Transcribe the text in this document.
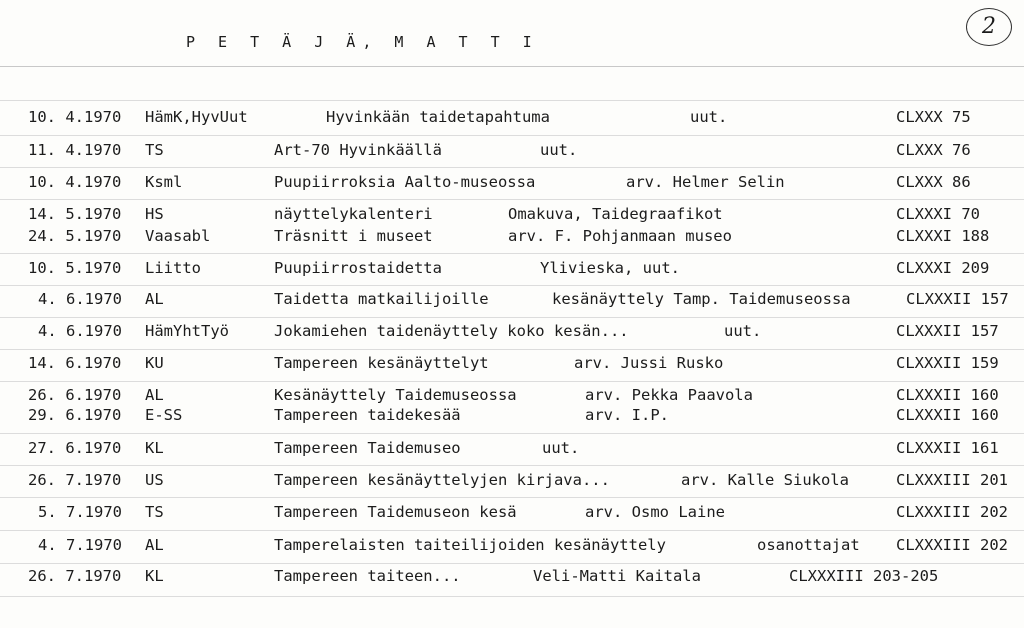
P E T Ä J Ä, M A T T I
2
10. 4.1970 HämK,HyvUut	Hyvinkään taidetapahtuma	uut.	CLXXX 75
11. 4.1970 TS	Art-70 Hyvinkäällä	uut.	CLXXX 76
10. 4.1970 Ksml	Puupiirroksia Aalto-museossa	arv. Helmer Selin	CLXXX 86
14. 5.1970 HS	näyttelykalenteri	Omakuva, Taidegraafikot	CLXXXI 70
24. 5.1970 Vaasabl	Träsnitt i museet	arv. F. Pohjanmaan museo	CLXXXI 188
10. 5.1970 Liitto	Puupiirrostaidetta	Ylivieska, uut.	CLXXXI 209
4. 6.1970 AL	Taidetta matkailijoille	kesänäyttely Tamp. Taidemuseossa	CLXXXII 157
4. 6.1970 HämYhtTyö	Jokamiehen taidenäyttely koko kesän...	uut.	CLXXXII 157
14. 6.1970 KU	Tampereen kesänäyttelyt	arv. Jussi Rusko	CLXXXII 159
26. 6.1970 AL	Kesänäyttely Taidemuseossa	arv. Pekka Paavola	CLXXXII 160
29. 6.1970 E-SS	Tampereen taidekesää	arv. I.P.	CLXXXII 160
27. 6.1970 KL	Tampereen Taidemuseo	uut.	CLXXXII 161
26. 7.1970 US	Tampereen kesänäyttelyjen kirjava...	arv. Kalle Siukola	CLXXXIII 201
5. 7.1970 TS	Tampereen Taidemuseon kesä	arv. Osmo Laine	CLXXXIII 202
4. 7.1970 AL	Tamperelaisten taiteilijoiden kesänäyttely	osanottajat CLXXXIII 202
26. 7.1970 KL	Tampereen taiteen...	Veli-Matti Kaitala	CLXXXIII 203-205
